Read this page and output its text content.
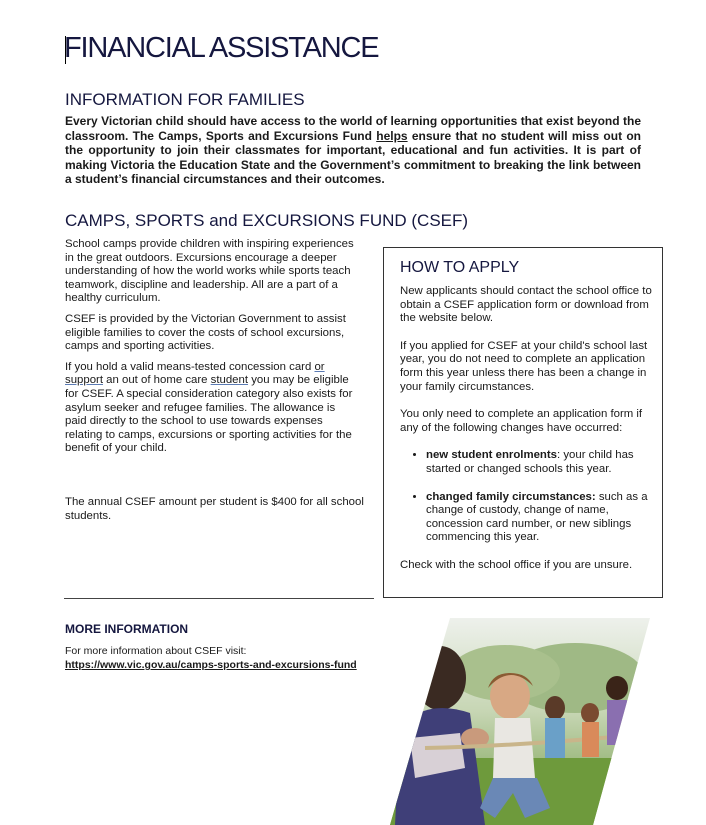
FINANCIAL ASSISTANCE
INFORMATION FOR FAMILIES
Every Victorian child should have access to the world of learning opportunities that exist beyond the classroom. The Camps, Sports and Excursions Fund helps ensure that no student will miss out on the opportunity to join their classmates for important, educational and fun activities. It is part of making Victoria the Education State and the Government’s commitment to breaking the link between a student’s financial circumstances and their outcomes.
CAMPS, SPORTS and EXCURSIONS FUND (CSEF)

School camps provide children with inspiring experiences in the great outdoors. Excursions encourage a deeper understanding of how the world works while sports teach teamwork, discipline and leadership. All are a part of a healthy curriculum.

CSEF is provided by the Victorian Government to assist eligible families to cover the costs of school excursions, camps and sporting activities.

If you hold a valid means-tested concession card or support an out of home care student you may be eligible for CSEF. A special consideration category also exists for asylum seeker and refugee families. The allowance is paid directly to the school to use towards expenses relating to camps, excursions or sporting activities for the benefit of your child.

The annual CSEF amount per student is $400 for all school students.
HOW TO APPLY

New applicants should contact the school office to obtain a CSEF application form or download from the website below.

If you applied for CSEF at your child's school last year, you do not need to complete an application form this year unless there has been a change in your family circumstances.

You only need to complete an application form if any of the following changes have occurred:

• new student enrolments: your child has started or changed schools this year.
• changed family circumstances: such as a change of custody, change of name, concession card number, or new siblings commencing this year.

Check with the school office if you are unsure.

MORE INFORMATION
For more information about CSEF visit:
https://www.vic.gov.au/camps-sports-and-excursions-fund
